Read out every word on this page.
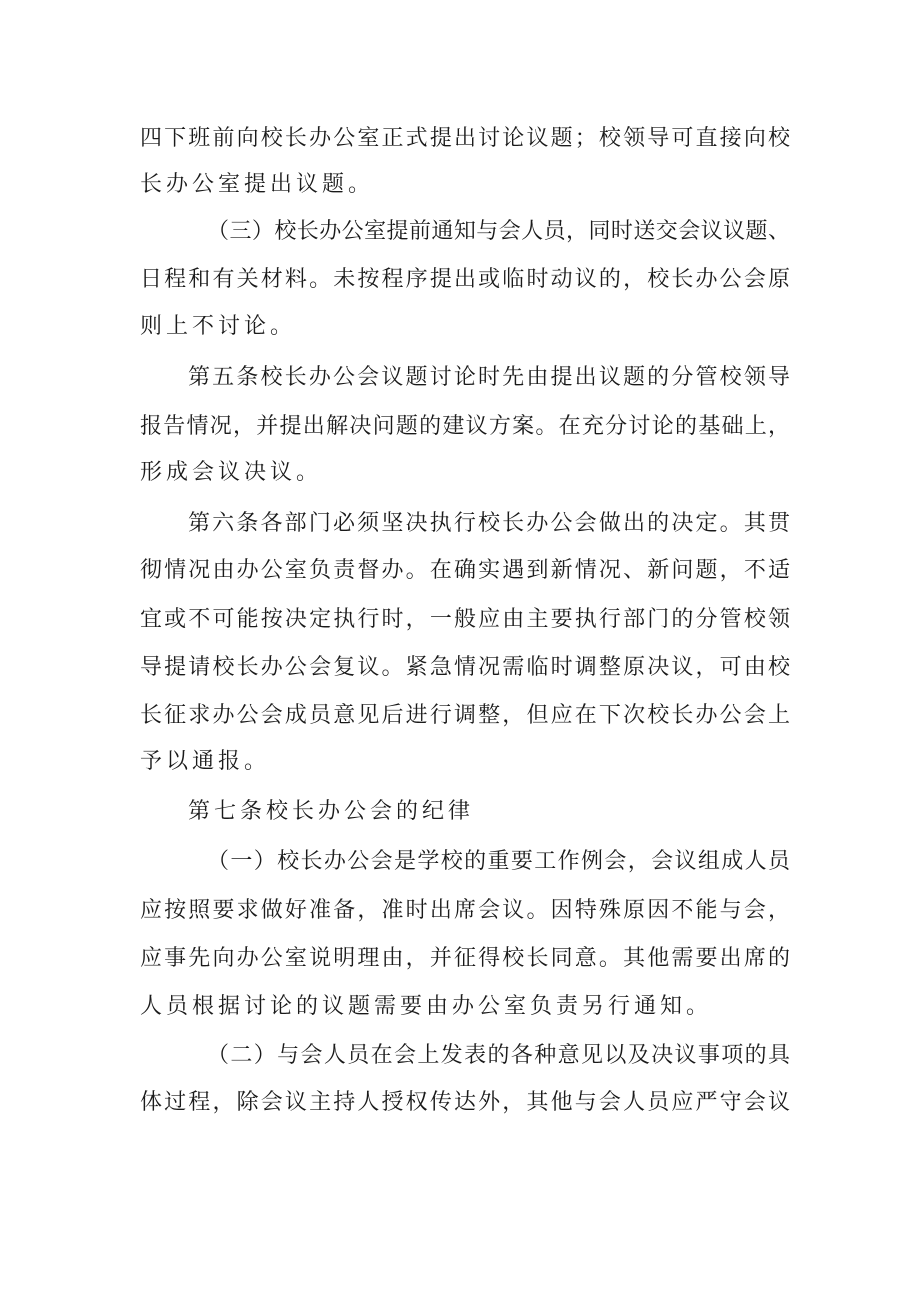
四下班前向校长办公室正式提出讨论议题；校领导可直接向校
长办公室提出议题。
（三）校长办公室提前通知与会人员，同时送交会议议题、
日程和有关材料。未按程序提出或临时动议的，校长办公会原
则上不讨论。
第五条校长办公会议题讨论时先由提出议题的分管校领导
报告情况，并提出解决问题的建议方案。在充分讨论的基础上，
形成会议决议。
第六条各部门必须坚决执行校长办公会做出的决定。其贯
彻情况由办公室负责督办。在确实遇到新情况、新问题，不适
宜或不可能按决定执行时，一般应由主要执行部门的分管校领
导提请校长办公会复议。紧急情况需临时调整原决议，可由校
长征求办公会成员意见后进行调整，但应在下次校长办公会上
予以通报。
第七条校长办公会的纪律
（一）校长办公会是学校的重要工作例会，会议组成人员
应按照要求做好准备，准时出席会议。因特殊原因不能与会，
应事先向办公室说明理由，并征得校长同意。其他需要出席的
人员根据讨论的议题需要由办公室负责另行通知。
（二）与会人员在会上发表的各种意见以及决议事项的具
体过程，除会议主持人授权传达外，其他与会人员应严守会议
